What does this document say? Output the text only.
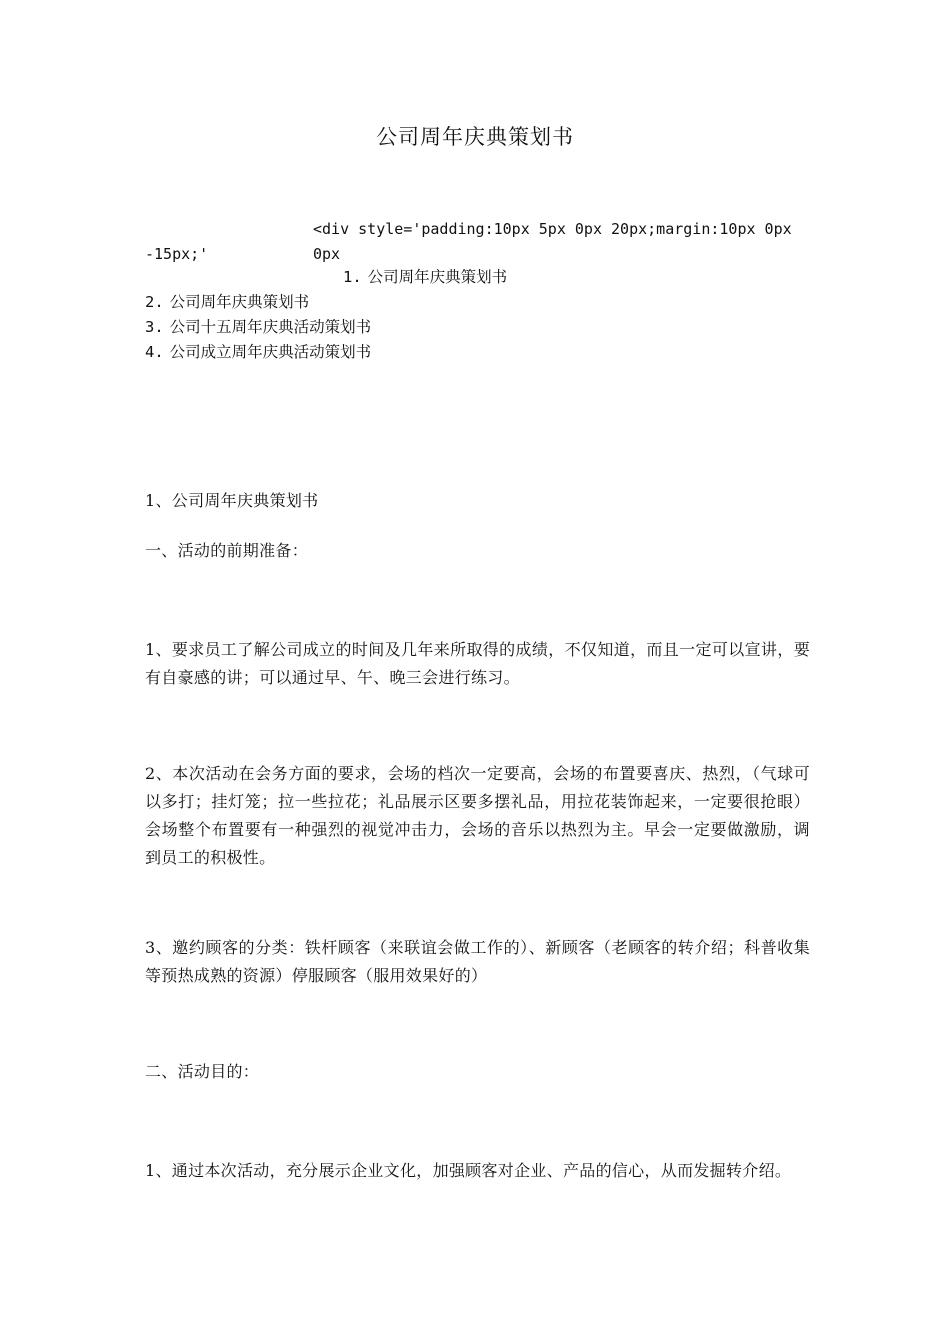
公司周年庆典策划书
<div style='padding:10px 5px 0px 20px;margin:10px 0px 0px
-15px;'
1. 公司周年庆典策划书
2. 公司周年庆典策划书
3. 公司十五周年庆典活动策划书
4. 公司成立周年庆典活动策划书
1、公司周年庆典策划书
一、活动的前期准备：
1、要求员工了解公司成立的时间及几年来所取得的成绩，不仅知道，而且一定可以宣讲，要有自豪感的讲；可以通过早、午、晚三会进行练习。
2、本次活动在会务方面的要求，会场的档次一定要高，会场的布置要喜庆、热烈，（气球可以多打；挂灯笼；拉一些拉花；礼品展示区要多摆礼品，用拉花装饰起来，一定要很抢眼）会场整个布置要有一种强烈的视觉冲击力，会场的音乐以热烈为主。早会一定要做激励，调到员工的积极性。
3、邀约顾客的分类：铁杆顾客（来联谊会做工作的）、新顾客（老顾客的转介绍；科普收集等预热成熟的资源）停服顾客（服用效果好的）
二、活动目的：
1、通过本次活动，充分展示企业文化，加强顾客对企业、产品的信心，从而发掘转介绍。
